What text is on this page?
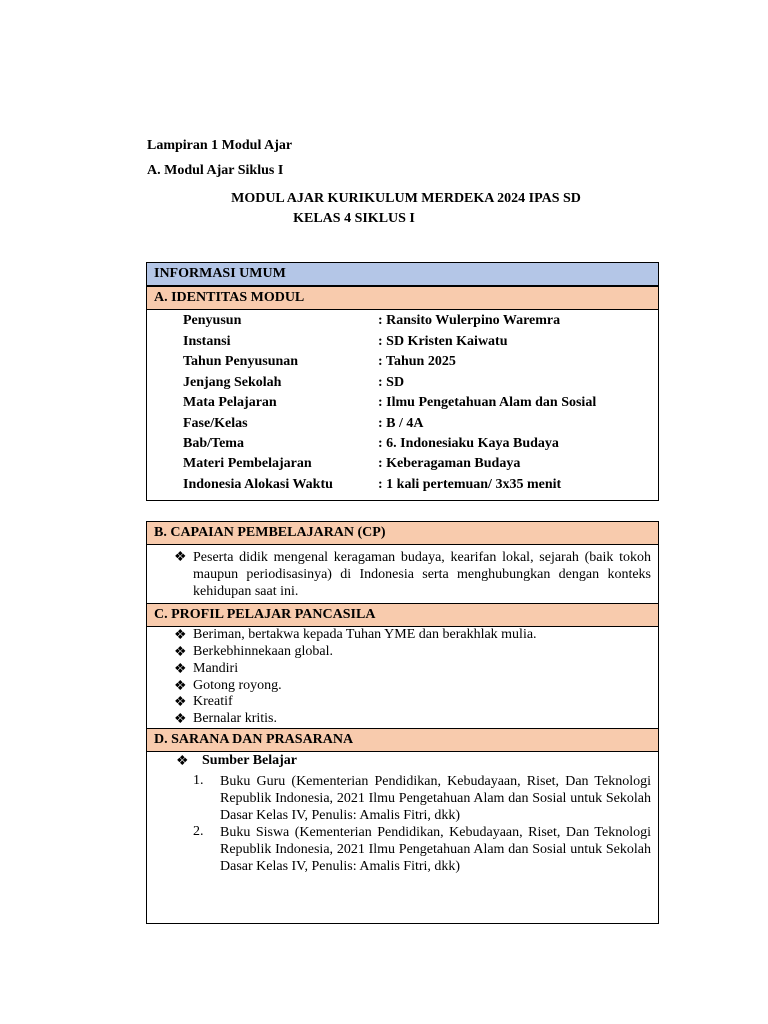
Lampiran 1 Modul Ajar
A. Modul Ajar Siklus I
MODUL AJAR KURIKULUM MERDEKA 2024 IPAS SD
KELAS 4 SIKLUS I
INFORMASI UMUM
A. IDENTITAS MODUL
Penyusun	: Ransito Wulerpino Waremra
Instansi	: SD Kristen Kaiwatu
Tahun Penyusunan	: Tahun 2025
Jenjang Sekolah	: SD
Mata Pelajaran	: Ilmu Pengetahuan Alam dan Sosial
Fase/Kelas	: B / 4A
Bab/Tema	: 6. Indonesiaku Kaya Budaya
Materi Pembelajaran	: Keberagaman Budaya
Indonesia Alokasi Waktu	: 1 kali pertemuan/ 3x35 menit
B. CAPAIAN PEMBELAJARAN (CP)
❖ Peserta didik mengenal keragaman budaya, kearifan lokal, sejarah (baik tokoh maupun periodisasinya) di Indonesia serta menghubungkan dengan konteks kehidupan saat ini.
C. PROFIL PELAJAR PANCASILA
❖ Beriman, bertakwa kepada Tuhan YME dan berakhlak mulia.
❖ Berkebhinnekaan global.
❖ Mandiri
❖ Gotong royong.
❖ Kreatif
❖ Bernalar kritis.
D. SARANA DAN PRASARANA
❖ Sumber Belajar
1. Buku Guru (Kementerian Pendidikan, Kebudayaan, Riset, Dan Teknologi Republik Indonesia, 2021 Ilmu Pengetahuan Alam dan Sosial untuk Sekolah Dasar Kelas IV, Penulis: Amalis Fitri, dkk)
2. Buku Siswa (Kementerian Pendidikan, Kebudayaan, Riset, Dan Teknologi Republik Indonesia, 2021 Ilmu Pengetahuan Alam dan Sosial untuk Sekolah Dasar Kelas IV, Penulis: Amalis Fitri, dkk)
